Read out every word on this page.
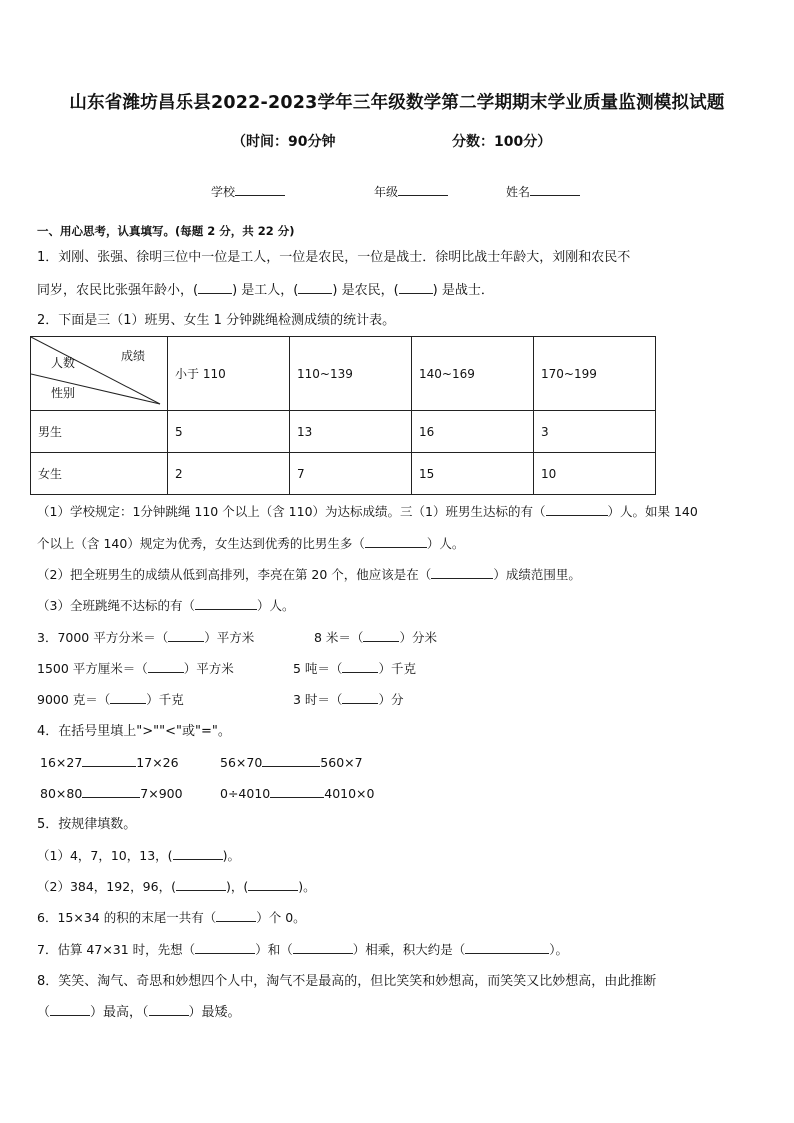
山东省潍坊昌乐县2022-2023学年三年级数学第二学期期末学业质量监测模拟试题
（时间：90分钟	分数：100分）
学校	年级	姓名
一、用心思考，认真填写。(每题 2 分，共 22 分)
1．刘刚、张强、徐明三位中一位是工人，一位是农民，一位是战士．徐明比战士年龄大，刘刚和农民不
同岁，农民比张强年龄小，(	) 是工人，(	) 是农民，(	) 是战士．
2．下面是三（1）班男、女生 1 分钟跳绳检测成绩的统计表。
成绩
人数
性别	小于 110	110~139	140~169	170~199
男生	5	13	16	3
女生	2	7	15	10
（1）学校规定：1分钟跳绳 110 个以上（含 110）为达标成绩。三（1）班男生达标的有（	）人。如果 140
个以上（含 140）规定为优秀，女生达到优秀的比男生多（	）人。
（2）把全班男生的成绩从低到高排列，李亮在第 20 个，他应该是在（	）成绩范围里。
（3）全班跳绳不达标的有（	）人。
3．7000 平方分米＝（	）平方米	8 米＝（	）分米
1500 平方厘米＝（	）平方米	5 吨＝（	）千克
9000 克＝（	）千克	3 时＝（	）分
4．在括号里填上">""<"或"="。
16×27	17×26	56×70	560×7
80×80	7×900	0÷4010	4010×0
5．按规律填数。
（1）4，7，10，13，(	)。
（2）384，192，96，(	)，(	)。
6．15×34 的积的末尾一共有（	）个 0。
7．估算 47×31 时，先想（	）和（	）相乘，积大约是（	）。
8．笑笑、淘气、奇思和妙想四个人中，淘气不是最高的，但比笑笑和妙想高，而笑笑又比妙想高，由此推断
（	）最高，（	）最矮。
